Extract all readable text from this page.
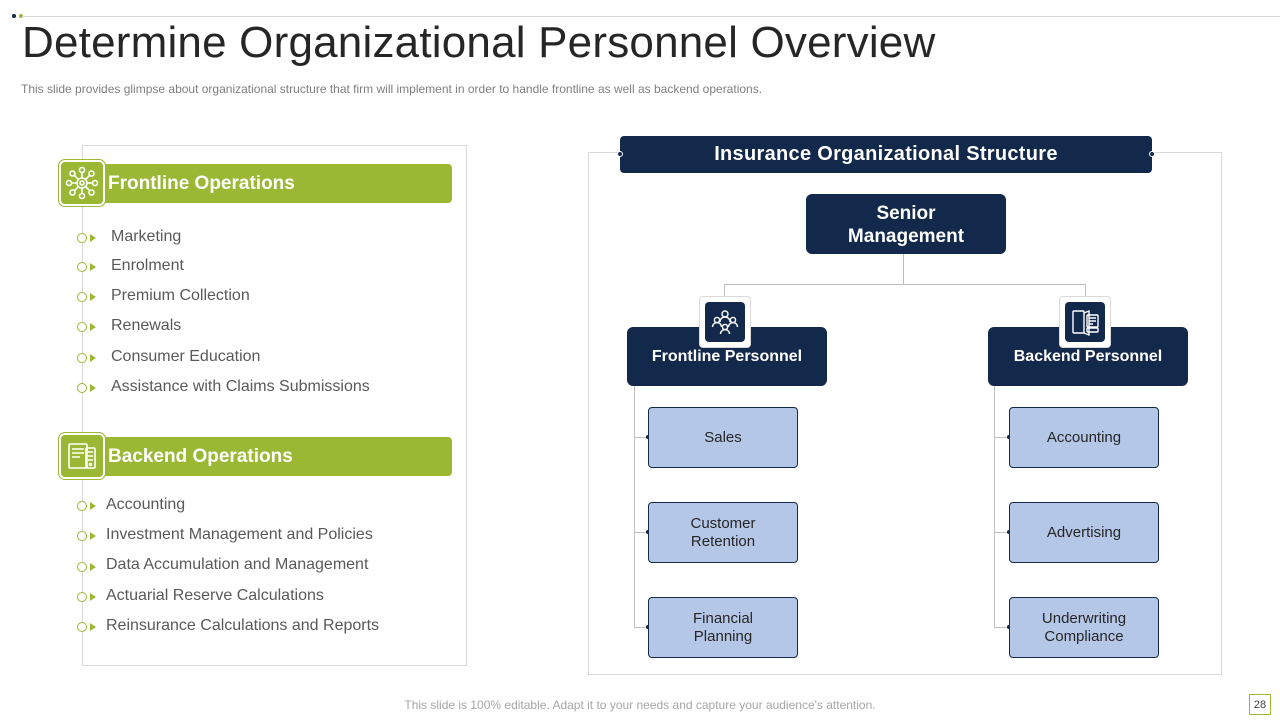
Determine Organizational Personnel Overview
This slide provides glimpse about organizational structure that firm will implement in order to handle frontline as well as backend operations.
Frontline Operations
Marketing
Enrolment
Premium Collection
Renewals
Consumer Education
Assistance with Claims Submissions
Backend Operations
Accounting
Investment Management and Policies
Data Accumulation and Management
Actuarial Reserve Calculations
Reinsurance Calculations and Reports
Insurance Organizational Structure
Senior Management
Frontline Personnel
Sales
Customer Retention
Financial Planning
Backend Personnel
Accounting
Advertising
Underwriting Compliance
This slide is 100% editable. Adapt it to your needs and capture your audience's attention.	28
